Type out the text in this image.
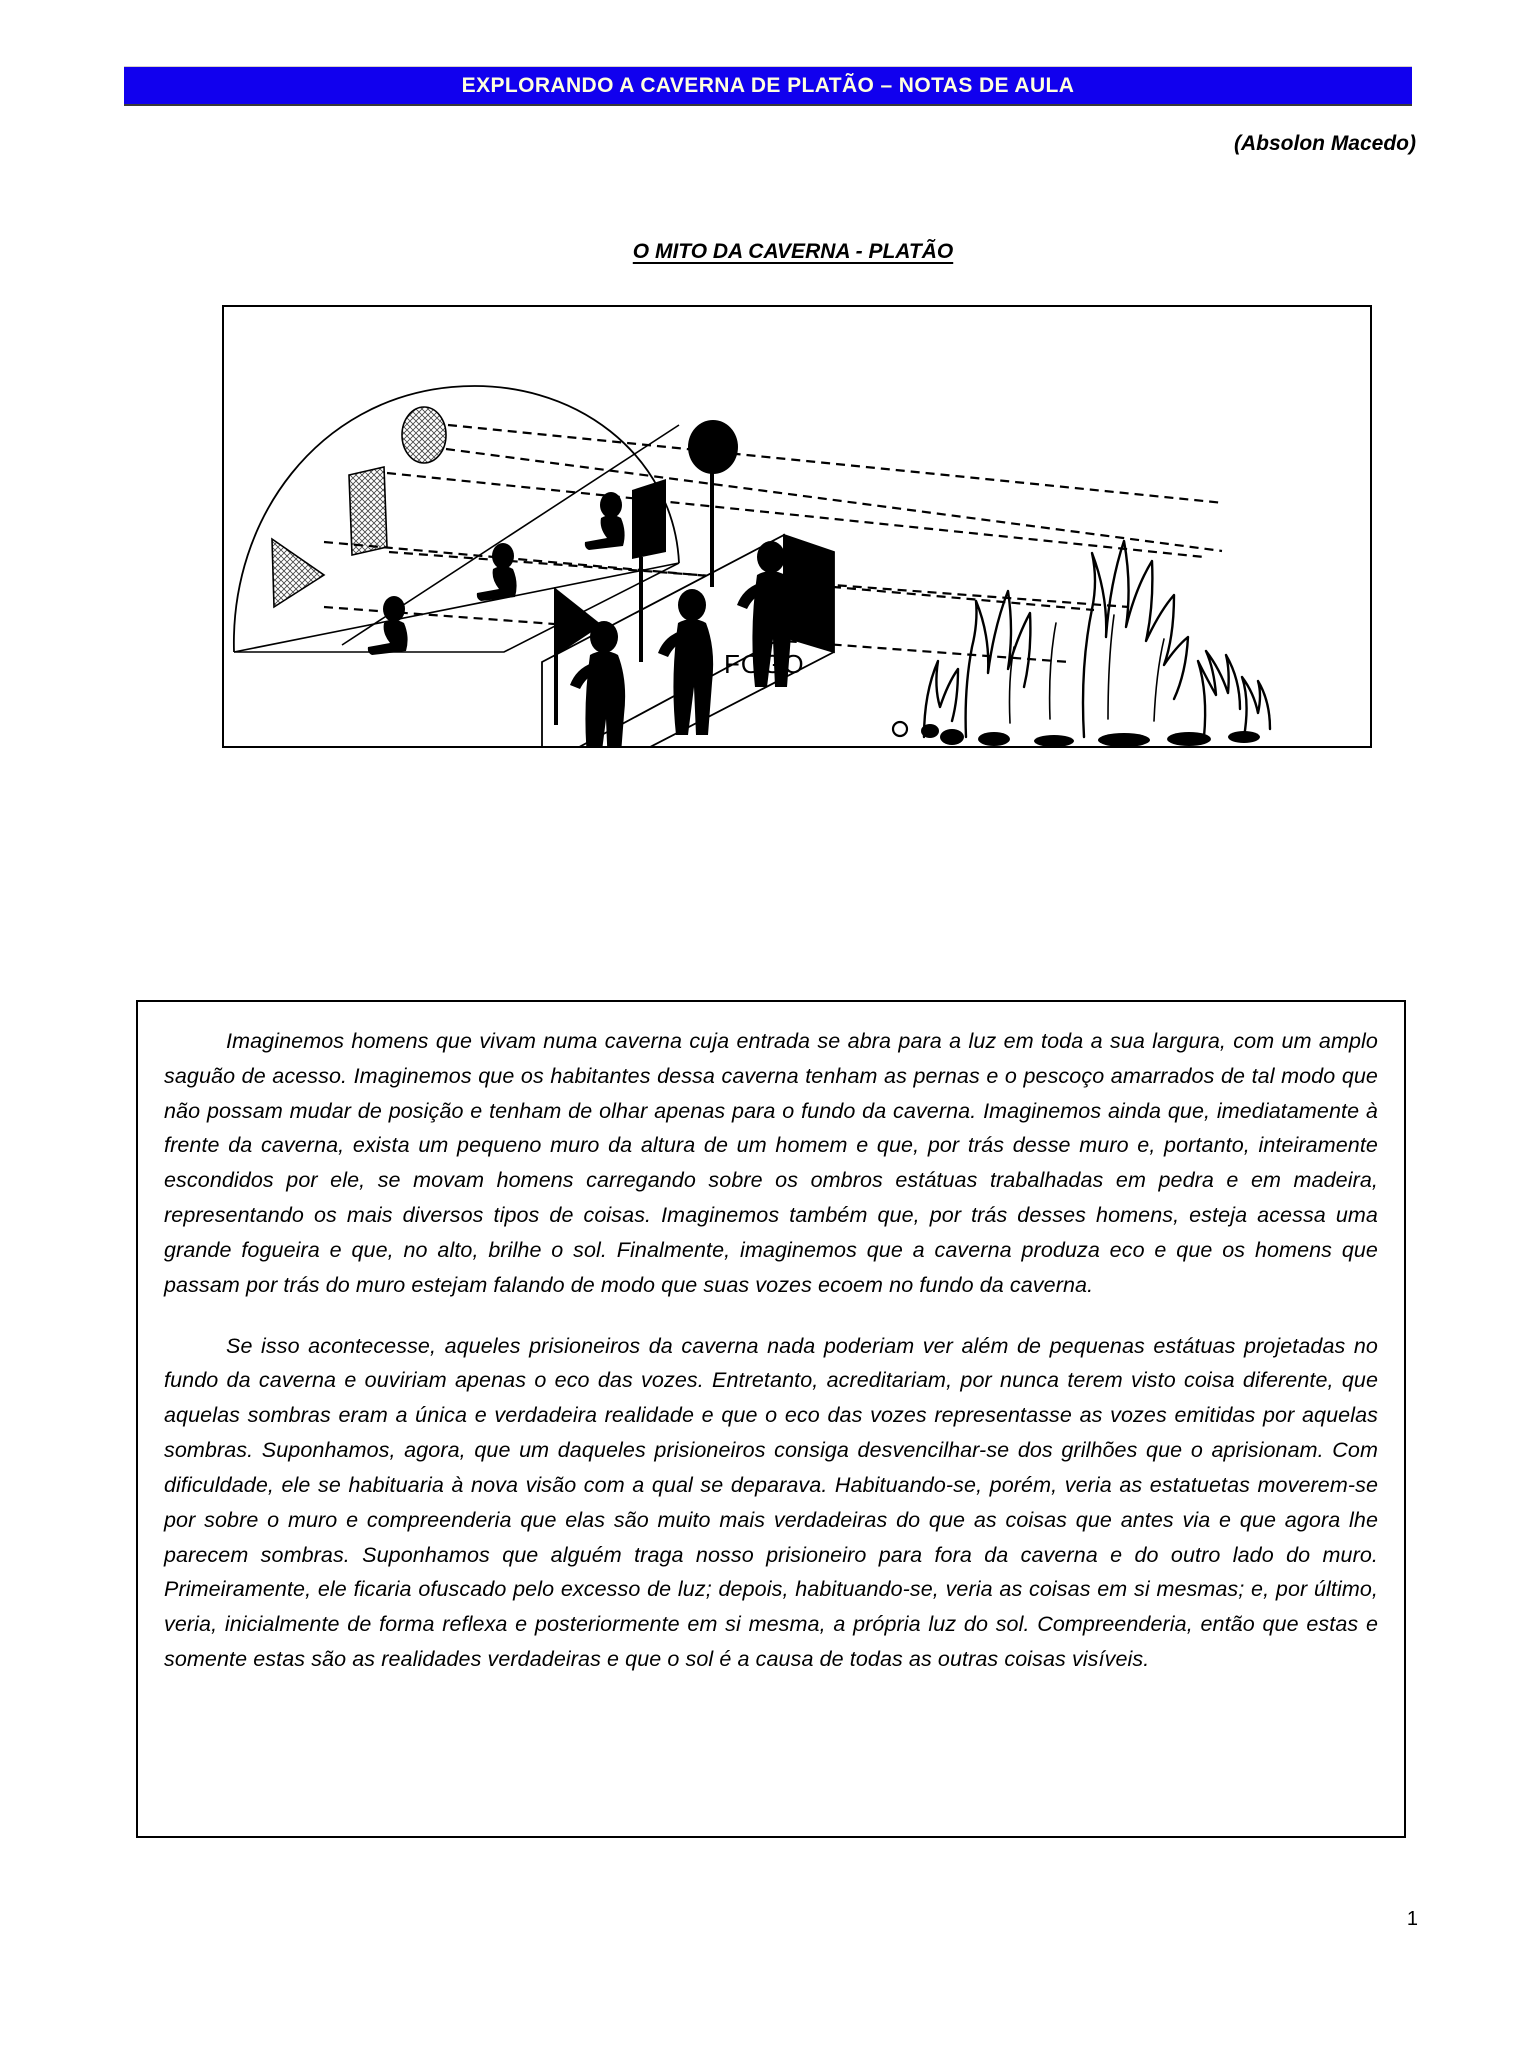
EXPLORANDO A CAVERNA DE PLATÃO – NOTAS DE AULA
(Absolon Macedo)
O MITO DA CAVERNA - PLATÃO
FOGO

Imaginemos homens que vivam numa caverna cuja entrada se abra para a luz em toda a sua largura, com um amplo saguão de acesso. Imaginemos que os habitantes dessa caverna tenham as pernas e o pescoço amarrados de tal modo que não possam mudar de posição e tenham de olhar apenas para o fundo da caverna. Imaginemos ainda que, imediatamente à frente da caverna, exista um pequeno muro da altura de um homem e que, por trás desse muro e, portanto, inteiramente escondidos por ele, se movam homens carregando sobre os ombros estátuas trabalhadas em pedra e em madeira, representando os mais diversos tipos de coisas. Imaginemos também que, por trás desses homens, esteja acessa uma grande fogueira e que, no alto, brilhe o sol. Finalmente, imaginemos que a caverna produza eco e que os homens que passam por trás do muro estejam falando de modo que suas vozes ecoem no fundo da caverna.

Se isso acontecesse, aqueles prisioneiros da caverna nada poderiam ver além de pequenas estátuas projetadas no fundo da caverna e ouviriam apenas o eco das vozes. Entretanto, acreditariam, por nunca terem visto coisa diferente, que aquelas sombras eram a única e verdadeira realidade e que o eco das vozes representasse as vozes emitidas por aquelas sombras. Suponhamos, agora, que um daqueles prisioneiros consiga desvencilhar-se dos grilhões que o aprisionam. Com dificuldade, ele se habituaria à nova visão com a qual se deparava. Habituando-se, porém, veria as estatuetas moverem-se por sobre o muro e compreenderia que elas são muito mais verdadeiras do que as coisas que antes via e que agora lhe parecem sombras. Suponhamos que alguém traga nosso prisioneiro para fora da caverna e do outro lado do muro. Primeiramente, ele ficaria ofuscado pelo excesso de luz; depois, habituando-se, veria as coisas em si mesmas; e, por último, veria, inicialmente de forma reflexa e posteriormente em si mesma, a própria luz do sol. Compreenderia, então que estas e somente estas são as realidades verdadeiras e que o sol é a causa de todas as outras coisas visíveis.

1
